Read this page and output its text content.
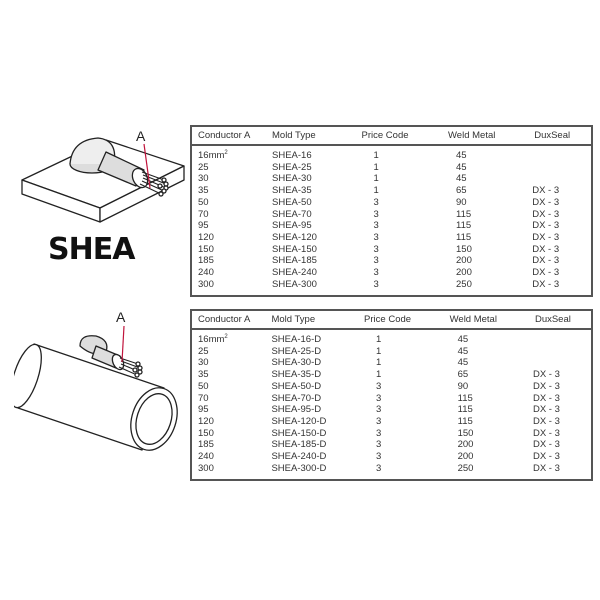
A
SHEA
A
Conductor A	Mold Type	Price Code	Weld Metal	DuxSeal
$16mm^2$	SHEA-16	1	45	
25	SHEA-25	1	45	
30	SHEA-30	1	45	
35	SHEA-35	1	65	DX - 3
50	SHEA-50	3	90	DX - 3
70	SHEA-70	3	115	DX - 3
95	SHEA-95	3	115	DX - 3
120	SHEA-120	3	115	DX - 3
150	SHEA-150	3	150	DX - 3
185	SHEA-185	3	200	DX - 3
240	SHEA-240	3	200	DX - 3
300	SHEA-300	3	250	DX - 3
Conductor A	Mold Type	Price Code	Weld Metal	DuxSeal
$16mm^2$	SHEA-16-D	1	45	
25	SHEA-25-D	1	45	
30	SHEA-30-D	1	45	
35	SHEA-35-D	1	65	DX - 3
50	SHEA-50-D	3	90	DX - 3
70	SHEA-70-D	3	115	DX - 3
95	SHEA-95-D	3	115	DX - 3
120	SHEA-120-D	3	115	DX - 3
150	SHEA-150-D	3	150	DX - 3
185	SHEA-185-D	3	200	DX - 3
240	SHEA-240-D	3	200	DX - 3
300	SHEA-300-D	3	250	DX - 3
